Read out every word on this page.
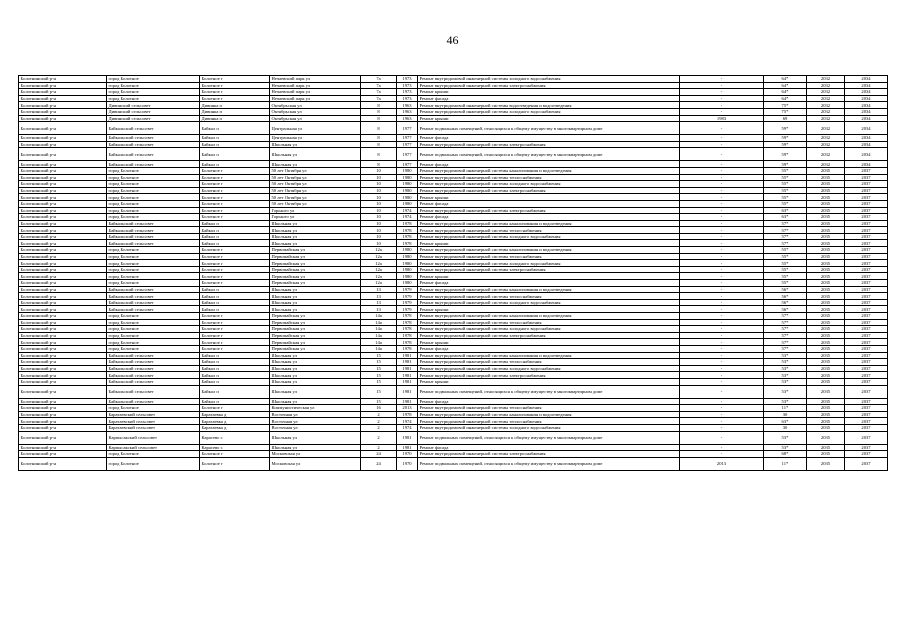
46
Болотнинский р-н	город Болотное	Болотное г	Нечаевский парк ул	7а	1973	Ремонт внутридомовой инженерной системы холодного водоснабжения	-	64*	2032	2034
Болотнинский р-н	город Болотное	Болотное г	Нечаевский парк ул	7а	1973	Ремонт внутридомовой инженерной системы электроснабжения	-	64*	2032	2034
Болотнинский р-н	город Болотное	Болотное г	Нечаевский парк ул	7а	1973	Ремонт крыши	-	64*	2032	2034
Болотнинский р-н	город Болотное	Болотное г	Нечаевский парк ул	7а	1973	Ремонт фасада	-	64*	2032	2034
Болотнинский р-н	Дивинский сельсовет	Дивинка п	Октябрьская ул	8	1963	Ремонт внутридомовой инженерной системы водоотведения и водоотведения	-	75*	2032	2034
Болотнинский р-н	Дивинский сельсовет	Дивинка п	Октябрьская ул	8	1963	Ремонт внутридомовой инженерной системы холодного водоснабжения	-	75*	2032	2034
Болотнинский р-н	Дивинский сельсовет	Дивинка п	Октябрьская ул	8	1963	Ремонт крыши	1983	69	2032	2034
Болотнинский р-н	Байкальский сельсовет	Байкал п	Центральная ул	8	1977	Ремонт подвальных помещений, относящихся к общему имуществу в многоквартирном доме	-	59*	2032	2034
Болотнинский р-н	Байкальский сельсовет	Байкал п	Центральная ул	8	1977	Ремонт фасада	-	59*	2032	2034
Болотнинский р-н	Байкальский сельсовет	Байкал п	Школьная ул	8	1977	Ремонт внутридомовой инженерной системы электроснабжения	-	59*	2032	2034
Болотнинский р-н	Байкальский сельсовет	Байкал п	Школьная ул	8	1977	Ремонт подвальных помещений, относящихся к общему имуществу в многоквартирном доме	-	59*	2032	2034
Болотнинский р-н	Байкальский сельсовет	Байкал п	Школьная ул	8	1977	Ремонт фасада	-	59*	2032	2034
Болотнинский р-н	город Болотное	Болотное г	50 лет Октября ул	10	1980	Ремонт внутридомовой инженерной системы канализования и водоотведения	-	55*	2035	2037
Болотнинский р-н	город Болотное	Болотное г	50 лет Октября ул	10	1980	Ремонт внутридомовой инженерной системы теплоснабжения	-	55*	2035	2037
Болотнинский р-н	город Болотное	Болотное г	50 лет Октября ул	10	1980	Ремонт внутридомовой инженерной системы холодного водоснабжения	-	55*	2035	2037
Болотнинский р-н	город Болотное	Болотное г	50 лет Октября ул	10	1980	Ремонт внутридомовой инженерной системы электроснабжения	-	55*	2035	2037
Болотнинский р-н	город Болотное	Болотное г	50 лет Октября ул	10	1980	Ремонт крыши	-	55*	2035	2037
Болотнинский р-н	город Болотное	Болотное г	50 лет Октября ул	10	1980	Ремонт фасада	-	55*	2035	2037
Болотнинский р-н	город Болотное	Болотное г	Горького ул	10	1974	Ремонт внутридомовой инженерной системы электроснабжения	-	63*	2035	2037
Болотнинский р-н	город Болотное	Болотное г	Горького ул	10	1974	Ремонт фасада	-	63*	2035	2037
Болотнинский р-н	Байкальский сельсовет	Байкал п	Школьная ул	10	1978	Ремонт внутридомовой инженерной системы канализования и водоотведения	-	57*	2035	2037
Болотнинский р-н	Байкальский сельсовет	Байкал п	Школьная ул	10	1978	Ремонт внутридомовой инженерной системы теплоснабжения	-	57*	2035	2037
Болотнинский р-н	Байкальский сельсовет	Байкал п	Школьная ул	10	1978	Ремонт внутридомовой инженерной системы холодного водоснабжения	-	57*	2035	2037
Болотнинский р-н	Байкальский сельсовет	Байкал п	Школьная ул	10	1978	Ремонт крыши	-	57*	2035	2037
Болотнинский р-н	город Болотное	Болотное г	Первомайская ул	12а	1980	Ремонт внутридомовой инженерной системы канализования и водоотведения	-	55*	2035	2037
Болотнинский р-н	город Болотное	Болотное г	Первомайская ул	12а	1980	Ремонт внутридомовой инженерной системы теплоснабжения	-	55*	2035	2037
Болотнинский р-н	город Болотное	Болотное г	Первомайская ул	12а	1980	Ремонт внутридомовой инженерной системы холодного водоснабжения	-	55*	2035	2037
Болотнинский р-н	город Болотное	Болотное г	Первомайская ул	12а	1980	Ремонт внутридомовой инженерной системы электроснабжения	-	55*	2035	2037
Болотнинский р-н	город Болотное	Болотное г	Первомайская ул	12а	1980	Ремонт крыши	-	55*	2035	2037
Болотнинский р-н	город Болотное	Болотное г	Первомайская ул	12а	1980	Ремонт фасада	-	55*	2035	2037
Болотнинский р-н	Байкальский сельсовет	Байкал п	Школьная ул	13	1979	Ремонт внутридомовой инженерной системы канализования и водоотведения	-	56*	2035	2037
Болотнинский р-н	Байкальский сельсовет	Байкал п	Школьная ул	13	1979	Ремонт внутридомовой инженерной системы теплоснабжения	-	56*	2035	2037
Болотнинский р-н	Байкальский сельсовет	Байкал п	Школьная ул	13	1979	Ремонт внутридомовой инженерной системы холодного водоснабжения	-	56*	2035	2037
Болотнинский р-н	Байкальский сельсовет	Байкал п	Школьная ул	13	1979	Ремонт крыши	-	56*	2035	2037
Болотнинский р-н	город Болотное	Болотное г	Первомайская ул	14а	1978	Ремонт внутридомовой инженерной системы канализования и водоотведения	-	57*	2035	2037
Болотнинский р-н	город Болотное	Болотное г	Первомайская ул	14а	1978	Ремонт внутридомовой инженерной системы теплоснабжения	-	57*	2035	2037
Болотнинский р-н	город Болотное	Болотное г	Первомайская ул	14а	1978	Ремонт внутридомовой инженерной системы холодного водоснабжения	-	57*	2035	2037
Болотнинский р-н	город Болотное	Болотное г	Первомайская ул	14а	1978	Ремонт внутридомовой инженерной системы электроснабжения	-	57*	2035	2037
Болотнинский р-н	город Болотное	Болотное г	Первомайская ул	14а	1978	Ремонт крыши	-	57*	2035	2037
Болотнинский р-н	город Болотное	Болотное г	Первомайская ул	14а	1978	Ремонт фасада	-	57*	2035	2037
Болотнинский р-н	Байкальский сельсовет	Байкал п	Школьная ул	15	1981	Ремонт внутридомовой инженерной системы канализования и водоотведения	-	53*	2035	2037
Болотнинский р-н	Байкальский сельсовет	Байкал п	Школьная ул	15	1981	Ремонт внутридомовой инженерной системы теплоснабжения	-	53*	2035	2037
Болотнинский р-н	Байкальский сельсовет	Байкал п	Школьная ул	15	1981	Ремонт внутридомовой инженерной системы холодного водоснабжения	-	53*	2035	2037
Болотнинский р-н	Байкальский сельсовет	Байкал п	Школьная ул	15	1981	Ремонт внутридомовой инженерной системы электроснабжения	-	53*	2035	2037
Болотнинский р-н	Байкальский сельсовет	Байкал п	Школьная ул	15	1981	Ремонт крыши	-	53*	2035	2037
Болотнинский р-н	Байкальский сельсовет	Байкал п	Школьная ул	15	1981	Ремонт подвальных помещений, относящихся к общему имуществу в многоквартирном доме	-	53*	2035	2037
Болотнинский р-н	Байкальский сельсовет	Байкал п	Школьная ул	15	1981	Ремонт фасада	-	53*	2035	2037
Болотнинский р-н	город Болотное	Болотное г	Коммунистическая ул	16	2013	Ремонт внутридомовой инженерной системы теплоснабжения	-	11*	2035	2037
Болотнинский р-н	Баратаевский сельсовет	Баратаевка д	Восточная ул	2	1978	Ремонт внутридомовой инженерной системы канализования и водоотведения	-	30	2035	2037
Болотнинский р-н	Баратаевский сельсовет	Баратаевка д	Восточная ул	2	1974	Ремонт внутридомовой инженерной системы теплоснабжения	-	63*	2035	2037
Болотнинский р-н	Баратаевский сельсовет	Баратаевка д	Восточная ул	2	1974	Ремонт внутридомовой инженерной системы холодного водоснабжения	-	30	2035	2037
Болотнинский р-н	Карпысакский сельсовет	Карасево с	Школьная ул	2	1981	Ремонт подвальных помещений, относящихся к общему имуществу в многоквартирном доме	-	53*	2035	2037
Болотнинский р-н	Карпысакский сельсовет	Карасево с	Школьная ул	2	1981	Ремонт фасада	-	53*	2035	2037
Болотнинский р-н	город Болотное	Болотное г	Московская ул	24	1970	Ремонт внутридомовой инженерной системы электроснабжения	-	68*	2035	2037
Болотнинский р-н	город Болотное	Болотное г	Московская ул	24	1970	Ремонт подвальных помещений, относящихся к общему имуществу в многоквартирном доме	2013	11*	2035	2037
